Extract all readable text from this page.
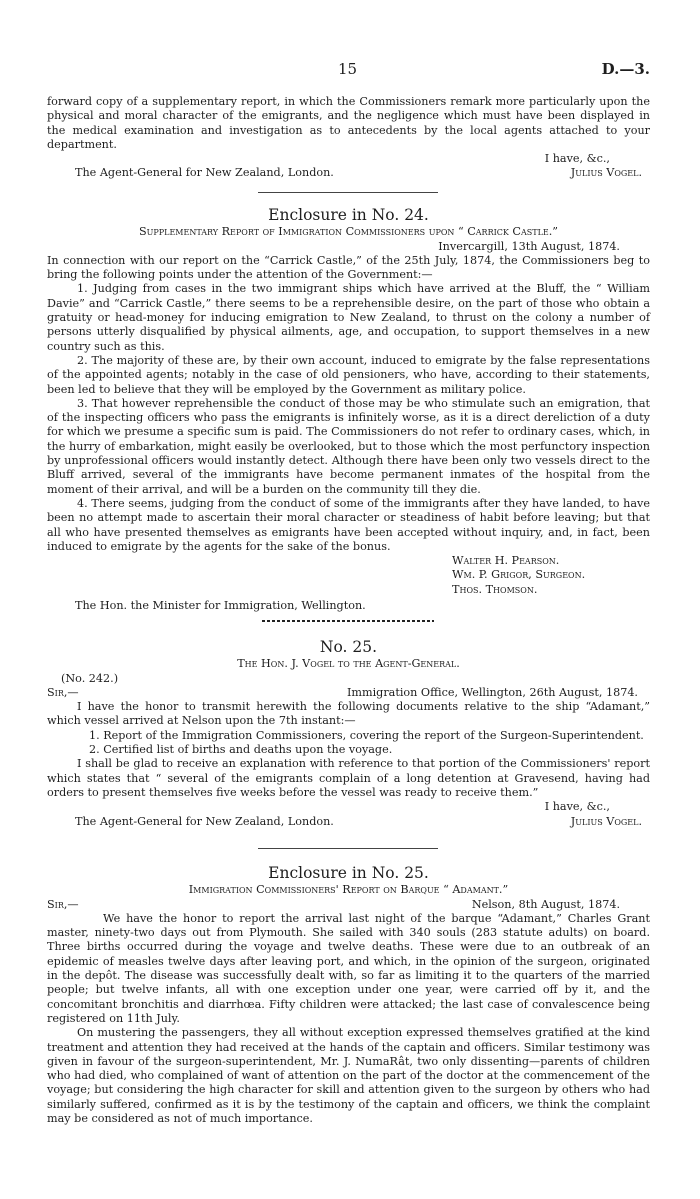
15	D.—3.

forward copy of a supplementary report, in which the Commissioners remark more particularly upon the physical and moral character of the emigrants, and the negligence which must have been displayed in the medical examination and investigation as to antecedents by the local agents attached to your department.

I have, &c.,
The Agent-General for New Zealand, London.	Julius Vogel.
Enclosure in No. 24.
Supplementary Report of Immigration Commissioners upon “ Carrick Castle.”
Invercargill, 13th August, 1874.

In connection with our report on the “Carrick Castle,” of the 25th July, 1874, the Commissioners beg to bring the following points under the attention of the Government:—

1. Judging from cases in the two immigrant ships which have arrived at the Bluff, the “ William Davie” and “Carrick Castle,” there seems to be a reprehensible desire, on the part of those who obtain a gratuity or head-money for inducing emigration to New Zealand, to thrust on the colony a number of persons utterly disqualified by physical ailments, age, and occupation, to support themselves in a new country such as this.

2. The majority of these are, by their own account, induced to emigrate by the false representations of the appointed agents; notably in the case of old pensioners, who have, according to their statements, been led to believe that they will be employed by the Government as military police.

3. That however reprehensible the conduct of those may be who stimulate such an emigration, that of the inspecting officers who pass the emigrants is infinitely worse, as it is a direct dereliction of a duty for which we presume a specific sum is paid. The Commissioners do not refer to ordinary cases, which, in the hurry of embarkation, might easily be overlooked, but to those which the most perfunctory inspection by unprofessional officers would instantly detect. Although there have been only two vessels direct to the Bluff arrived, several of the immigrants have become permanent inmates of the hospital from the moment of their arrival, and will be a burden on the community till they die.

4. There seems, judging from the conduct of some of the immigrants after they have landed, to have been no attempt made to ascertain their moral character or steadiness of habit before leaving; but that all who have presented themselves as emigrants have been accepted without inquiry, and, in fact, been induced to emigrate by the agents for the sake of the bonus.

Walter H. Pearson.
Wm. P. Grigor, Surgeon.
Thos. Thomson.
The Hon. the Minister for Immigration, Wellington.
No. 25.
The Hon. J. Vogel to the Agent-General.
(No. 242.)
Sir,—	Immigration Office, Wellington, 26th August, 1874.

I have the honor to transmit herewith the following documents relative to the ship “Adamant,” which vessel arrived at Nelson upon the 7th instant:—

1. Report of the Immigration Commissioners, covering the report of the Surgeon-Superintendent.

2. Certified list of births and deaths upon the voyage.

I shall be glad to receive an explanation with reference to that portion of the Commissioners' report which states that “ several of the emigrants complain of a long detention at Gravesend, having had orders to present themselves five weeks before the vessel was ready to receive them.”

I have, &c.,
The Agent-General for New Zealand, London.	Julius Vogel.
Enclosure in No. 25.
Immigration Commissioners' Report on Barque “ Adamant.”
Sir,—	Nelson, 8th August, 1874.

We have the honor to report the arrival last night of the barque “Adamant,” Charles Grant master, ninety-two days out from Plymouth. She sailed with 340 souls (283 statute adults) on board. Three births occurred during the voyage and twelve deaths. These were due to an outbreak of an epidemic of measles twelve days after leaving port, and which, in the opinion of the surgeon, originated in the depôt. The disease was successfully dealt with, so far as limiting it to the quarters of the married people; but twelve infants, all with one exception under one year, were carried off by it, and the concomitant bronchitis and diarrhœa. Fifty children were attacked; the last case of convalescence being registered on 11th July.

On mustering the passengers, they all without exception expressed themselves gratified at the kind treatment and attention they had received at the hands of the captain and officers. Similar testimony was given in favour of the surgeon-superintendent, Mr. J. NumaRât, two only dissenting—parents of children who had died, who complained of want of attention on the part of the doctor at the commencement of the voyage; but considering the high character for skill and attention given to the surgeon by others who had similarly suffered, confirmed as it is by the testimony of the captain and officers, we think the complaint may be considered as not of much importance.
